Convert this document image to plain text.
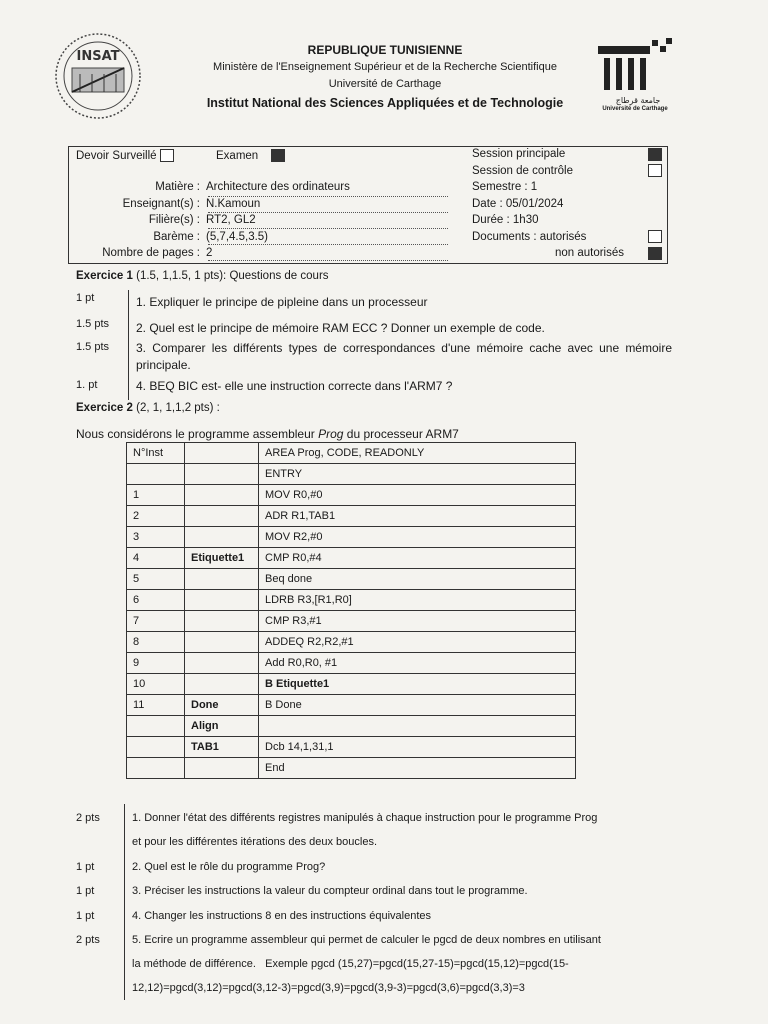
INSAT	REPUBLIQUE TUNISIENNE
Ministère de l'Enseignement Supérieur et de la Recherche Scientifique
Université de Carthage
Institut National des Sciences Appliquées et de Technologie	جامعة قرطاج
Université de Carthage
Devoir Surveillé	Examen
Matière : Architecture des ordinateurs
Enseignant(s) : N.Kamoun
Filière(s) : RT2, GL2
Barème : (5,7,4.5,3.5)
Nombre de pages : 2
Session principale
Session de contrôle
Semestre : 1
Date : 05/01/2024
Durée : 1h30
Documents : autorisés
non autorisés
Exercice 1 (1.5, 1,1.5, 1 pts): Questions de cours
1 pt	1. Expliquer le principe de pipleine dans un processeur
1.5 pts 2. Quel est le principe de mémoire RAM ECC ? Donner un exemple de code.
1.5 pts 3. Comparer les différents types de correspondances d'une mémoire cache avec une mémoire principale.
1. pt	4. BEQ BIC est- elle une instruction correcte dans l'ARM7 ?
Exercice 2 (2, 1, 1,1,2 pts) :
Nous considérons le programme assembleur Prog du processeur ARM7
N°Inst		AREA Prog, CODE, READONLY
		ENTRY
1		MOV R0,#0
2		ADR R1,TAB1
3		MOV R2,#0
4	Etiquette1	CMP R0,#4
5		Beq done
6		LDRB R3,[R1,R0]
7		CMP R3,#1
8		ADDEQ R2,R2,#1
9		Add R0,R0, #1
10		B Etiquette1
11	Done	B Done
	Align	
	TAB1	Dcb 14,1,31,1
		End
2 pts	1. Donner l'état des différents registres manipulés à chaque instruction pour le programme Prog
et pour les différentes itérations des deux boucles.
1 pt	2. Quel est le rôle du programme Prog?
1 pt	3. Préciser les instructions la valeur du compteur ordinal dans tout le programme.
1 pt	4. Changer les instructions 8 en des instructions équivalentes
2 pts	5. Ecrire un programme assembleur qui permet de calculer le pgcd de deux nombres en utilisant
la méthode de différence.   Exemple pgcd (15,27)=pgcd(15,27-15)=pgcd(15,12)=pgcd(15-
12,12)=pgcd(3,12)=pgcd(3,12-3)=pgcd(3,9)=pgcd(3,9-3)=pgcd(3,6)=pgcd(3,3)=3
